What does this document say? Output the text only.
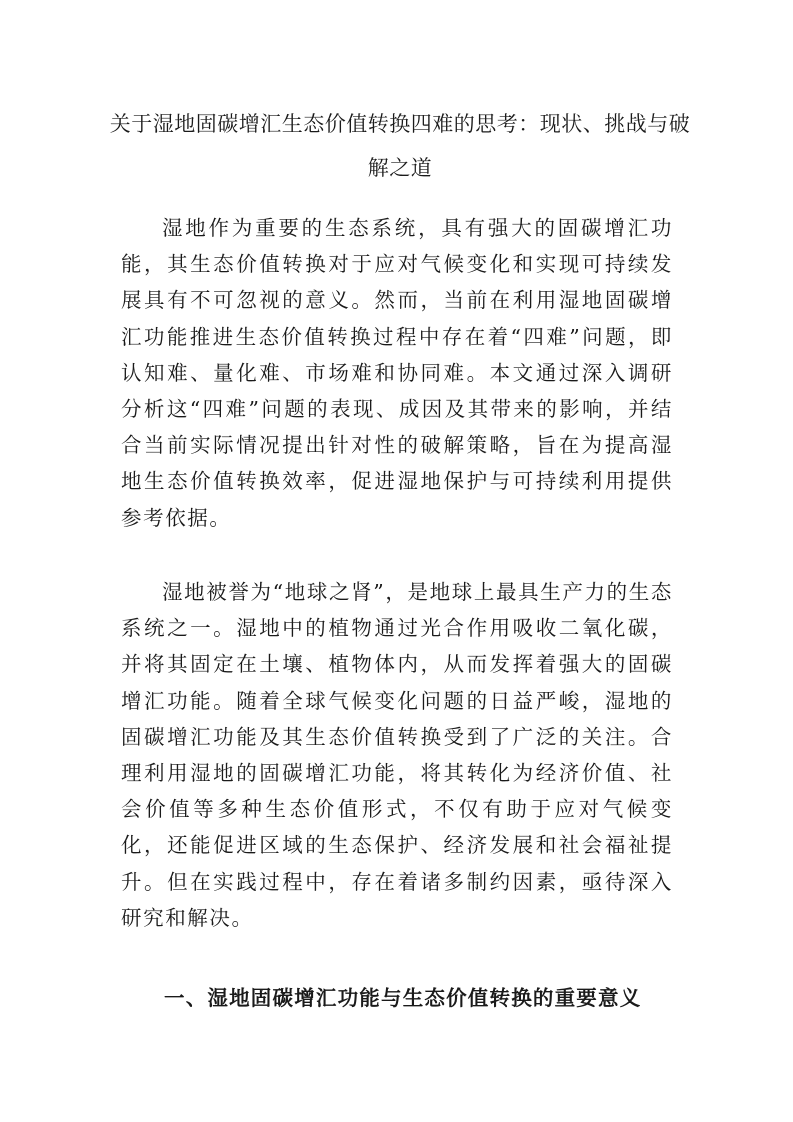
关于湿地固碳增汇生态价值转换四难的思考：现状、挑战与破解之道

湿地作为重要的生态系统，具有强大的固碳增汇功能，其生态价值转换对于应对气候变化和实现可持续发展具有不可忽视的意义。然而，当前在利用湿地固碳增汇功能推进生态价值转换过程中存在着“四难”问题，即认知难、量化难、市场难和协同难。本文通过深入调研分析这“四难”问题的表现、成因及其带来的影响，并结合当前实际情况提出针对性的破解策略，旨在为提高湿地生态价值转换效率，促进湿地保护与可持续利用提供参考依据。

湿地被誉为“地球之肾”，是地球上最具生产力的生态系统之一。湿地中的植物通过光合作用吸收二氧化碳，并将其固定在土壤、植物体内，从而发挥着强大的固碳增汇功能。随着全球气候变化问题的日益严峻，湿地的固碳增汇功能及其生态价值转换受到了广泛的关注。合理利用湿地的固碳增汇功能，将其转化为经济价值、社会价值等多种生态价值形式，不仅有助于应对气候变化，还能促进区域的生态保护、经济发展和社会福祉提升。但在实践过程中，存在着诸多制约因素，亟待深入研究和解决。

一、湿地固碳增汇功能与生态价值转换的重要意义
